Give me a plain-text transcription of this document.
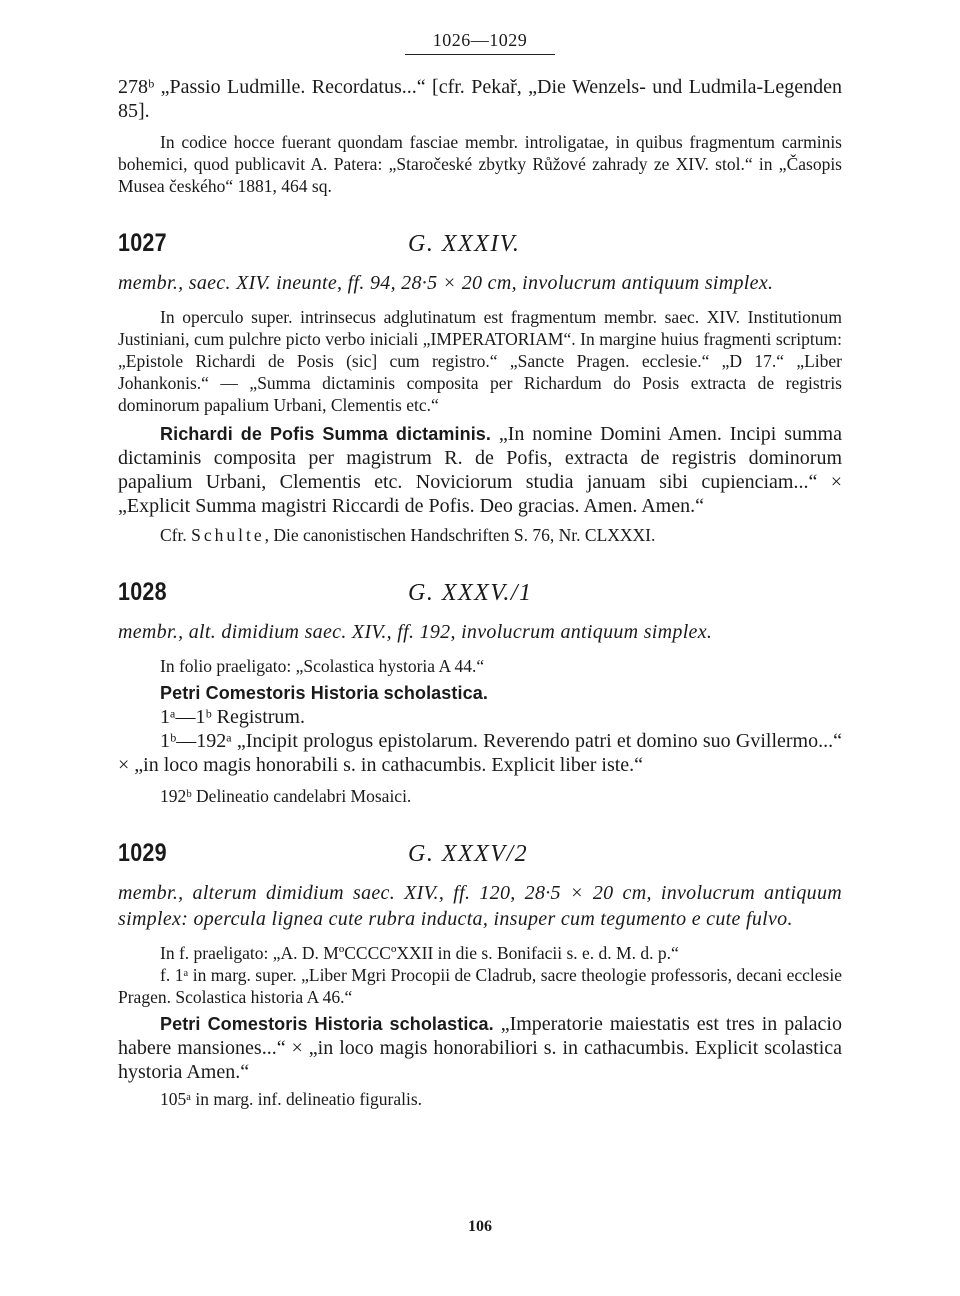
1026—1029

278ᵇ „Passio Ludmille. Recordatus...“ [cfr. Pekař, „Die Wenzels- und Ludmila-Legenden 85].

In codice hocce fuerant quondam fasciae membr. introligatae, in quibus fragmentum carminis bohemici, quod publicavit A. Patera: „Staročeské zbytky Růžové zahrady ze XIV. stol.“ in „Časopis Musea českého“ 1881, 464 sq.

1027	G. XXXIV.

membr., saec. XIV. ineunte, ff. 94, 28·5 × 20 cm, involucrum antiquum simplex.

In operculo super. intrinsecus adglutinatum est fragmentum membr. saec. XIV. Institutionum Justiniani, cum pulchre picto verbo iniciali „IMPERATORIAM“. In margine huius fragmenti scriptum: „Epistole Richardi de Posis (sic] cum registro.“ „Sancte Pragen. ecclesie.“ „D 17.“ „Liber Johankonis.“ — „Summa dictaminis composita per Richardum do Posis extracta de registris dominorum papalium Urbani, Clementis etc.“

Richardi de Pofis Summa dictaminis. „In nomine Domini Amen. Incipi summa dictaminis composita per magistrum R. de Pofis, extracta de registris dominorum papalium Urbani, Clementis etc. Noviciorum studia januam sibi cupienciam...“ × „Explicit Summa magistri Riccardi de Pofis. Deo gracias. Amen. Amen.“

Cfr. Schulte, Die canonistischen Handschriften S. 76, Nr. CLXXXI.

1028	G. XXXV./1

membr., alt. dimidium saec. XIV., ff. 192, involucrum antiquum simplex.

In folio praeligato: „Scolastica hystoria A 44.“

Petri Comestoris Historia scholastica.

1ᵃ—1ᵇ Registrum.

1ᵇ—192ᵃ „Incipit prologus epistolarum. Reverendo patri et domino suo Gvillermo...“ × „in loco magis honorabili s. in cathacumbis. Explicit liber iste.“

192ᵇ Delineatio candelabri Mosaici.

1029	G. XXXV/2

membr., alterum dimidium saec. XIV., ff. 120, 28·5 × 20 cm, involucrum antiquum simplex: opercula lignea cute rubra inducta, insuper cum tegumento e cute fulvo.

In f. praeligato: „A. D. MºCCCCºXXII in die s. Bonifacii s. e. d. M. d. p.“

f. 1ᵃ in marg. super. „Liber Mgri Procopii de Cladrub, sacre theologie professoris, decani ecclesie Pragen. Scolastica historia A 46.“

Petri Comestoris Historia scholastica. „Imperatorie maiestatis est tres in palacio habere mansiones...“ × „in loco magis honorabiliori s. in cathacumbis. Explicit scolastica hystoria Amen.“

105ᵃ in marg. inf. delineatio figuralis.

106
